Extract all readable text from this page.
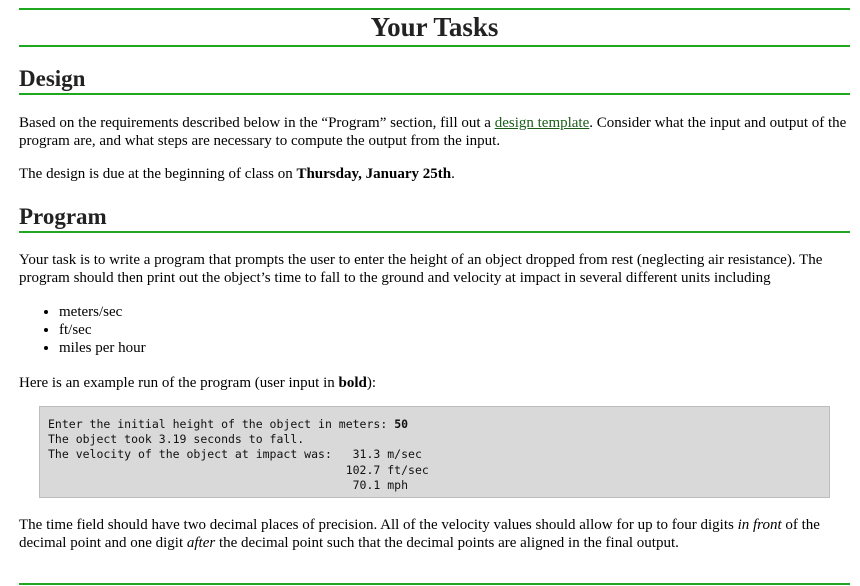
Your Tasks
Design

Based on the requirements described below in the “Program” section, fill out a design template. Consider what the input and output of the program are, and what steps are necessary to compute the output from the input.

The design is due at the beginning of class on Thursday, January 25th.

Program

Your task is to write a program that prompts the user to enter the height of an object dropped from rest (neglecting air resistance). The program should then print out the object’s time to fall to the ground and velocity at impact in several different units including

• meters/sec
• ft/sec
• miles per hour

Here is an example run of the program (user input in bold):

Enter the initial height of the object in meters: 50
The object took 3.19 seconds to fall.
The velocity of the object at impact was:   31.3 m/sec
102.7 ft/sec
70.1 mph

The time field should have two decimal places of precision. All of the velocity values should allow for up to four digits in front of the decimal point and one digit after the decimal point such that the decimal points are aligned in the final output.
